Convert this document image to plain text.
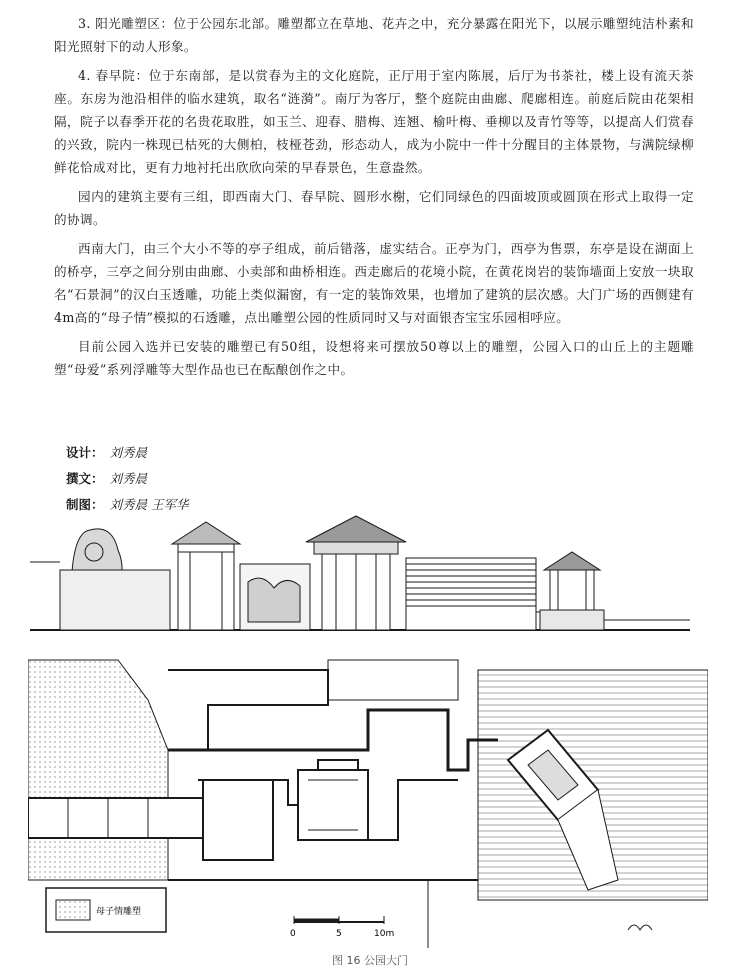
3. 阳光雕塑区：位于公园东北部。雕塑都立在草地、花卉之中，充分暴露在阳光下，以展示雕塑纯洁朴素和阳光照射下的动人形象。

4. 春早院：位于东南部，是以赏春为主的文化庭院，正厅用于室内陈展，后厅为书茶社，楼上设有流天茶座。东房为池沿相伴的临水建筑，取名“涟漪”。南厅为客厅，整个庭院由曲廊、爬廊相连。前庭后院由花架相隔，院子以春季开花的名贵花取胜，如玉兰、迎春、腊梅、连翘、榆叶梅、垂柳以及青竹等等，以提高人们赏春的兴致，院内一株现已枯死的大侧柏，枝桠苍劲，形态动人，成为小院中一件十分醒目的主体景物，与满院绿柳鲜花恰成对比，更有力地衬托出欣欣向荣的早春景色，生意盎然。

园内的建筑主要有三组，即西南大门、春早院、圆形水榭，它们同绿色的四面坡顶或圆顶在形式上取得一定的协调。

西南大门，由三个大小不等的亭子组成，前后错落，虚实结合。正亭为门，西亭为售票，东亭是设在湖面上的桥亭，三亭之间分别由曲廊、小卖部和曲桥相连。西走廊后的花境小院，在黄花岗岩的装饰墙面上安放一块取名“石景洞”的汉白玉透雕，功能上类似漏窗，有一定的装饰效果，也增加了建筑的层次感。大门广场的西侧建有4m高的“母子情”模拟的石透雕，点出雕塑公园的性质同时又与对面银杏宝宝乐园相呼应。

目前公园入选并已安装的雕塑已有50组，设想将来可摆放50尊以上的雕塑，公园入口的山丘上的主题雕塑“母爱”系列浮雕等大型作品也已在酝酿创作之中。

设计： 刘秀晨
撰文： 刘秀晨
制图： 刘秀晨 王军华
母子情雕塑
0	5	10m
图 16 公园大门
